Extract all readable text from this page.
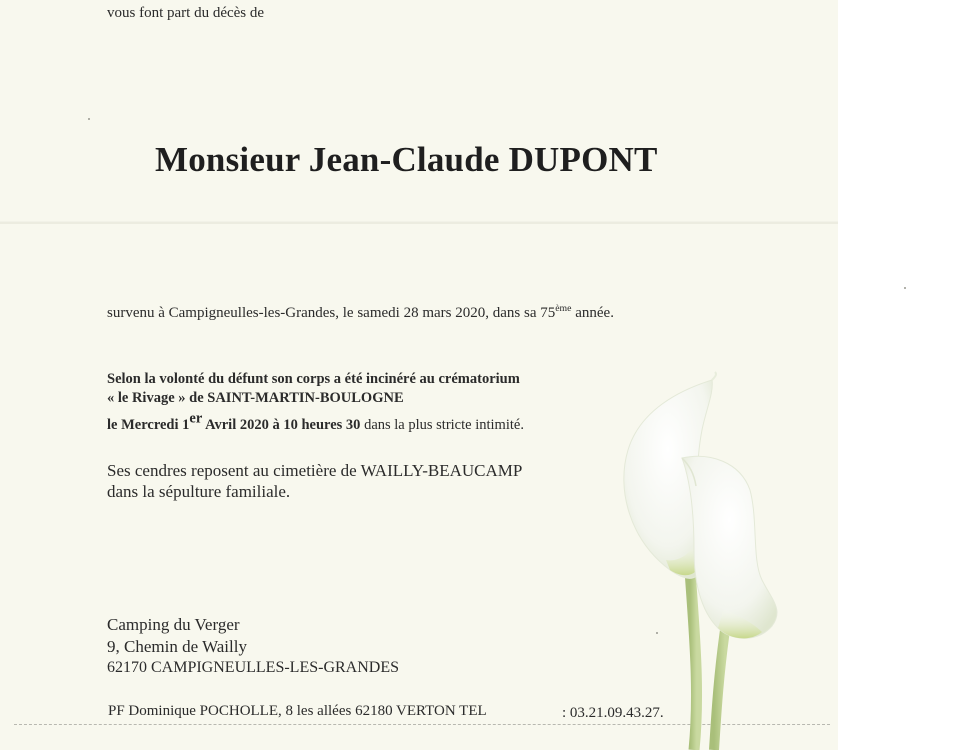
vous font part du décès de
Monsieur Jean-Claude DUPONT
survenu à Campigneulles-les-Grandes, le samedi 28 mars 2020, dans sa 75ème année.
Selon la volonté du défunt son corps a été incinéré au crématorium
« le Rivage » de SAINT-MARTIN-BOULOGNE
le Mercredi 1er Avril 2020 à 10 heures 30 dans la plus stricte intimité.
Ses cendres reposent au cimetière de WAILLY-BEAUCAMP
dans la sépulture familiale.
Camping du Verger
9, Chemin de Wailly
62170 CAMPIGNEULLES-LES-GRANDES
PF Dominique POCHOLLE, 8 les allées 62180 VERTON TEL	: 03.21.09.43.27.
